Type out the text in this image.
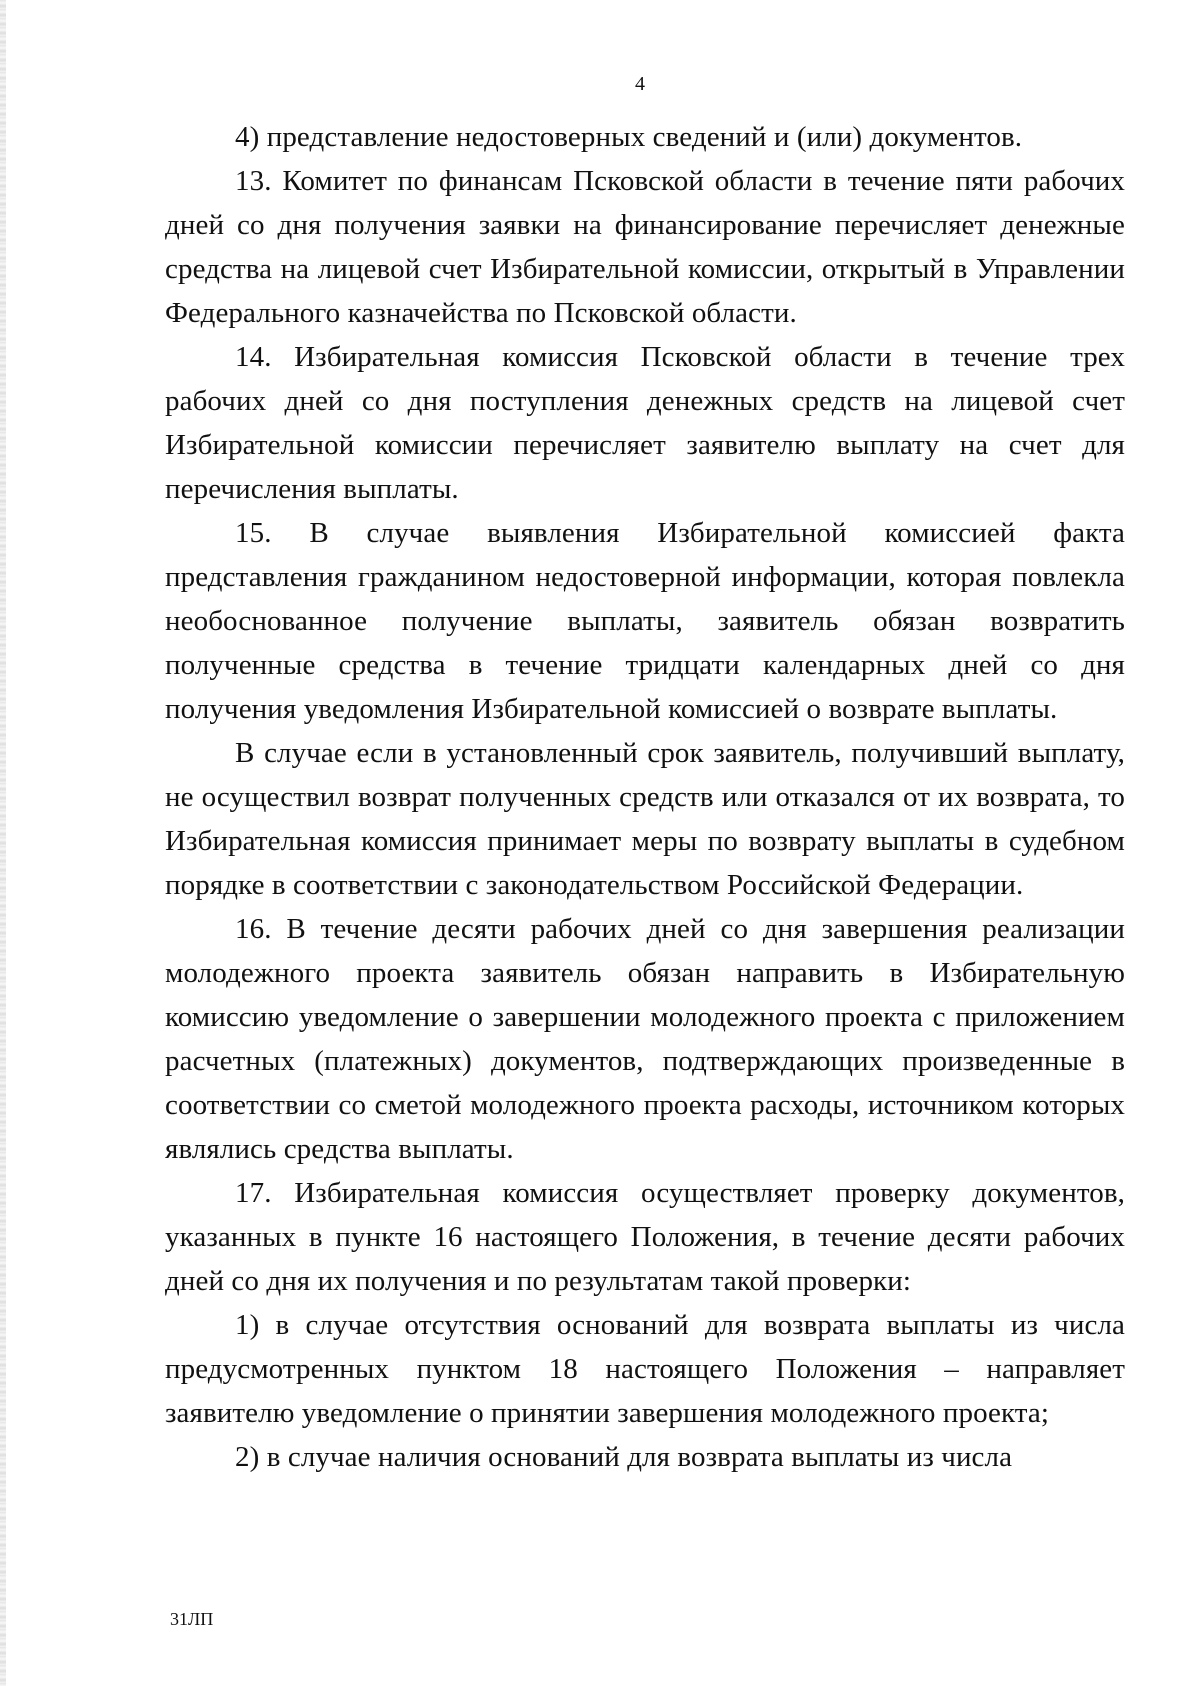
4

4) представление недостоверных сведений и (или) документов.

13. Комитет по финансам Псковской области в течение пяти рабочих дней со дня получения заявки на финансирование перечисляет денежные средства на лицевой счет Избирательной комиссии, открытый в Управлении Федерального казначейства по Псковской области.

14. Избирательная комиссия Псковской области в течение трех рабочих дней со дня поступления денежных средств на лицевой счет Избирательной комиссии перечисляет заявителю выплату на счет для перечисления выплаты.

15. В случае выявления Избирательной комиссией факта представления гражданином недостоверной информации, которая повлекла необоснованное получение выплаты, заявитель обязан возвратить полученные средства в течение тридцати календарных дней со дня получения уведомления Избирательной комиссией о возврате выплаты.

В случае если в установленный срок заявитель, получивший выплату, не осуществил возврат полученных средств или отказался от их возврата, то Избирательная комиссия принимает меры по возврату выплаты в судебном порядке в соответствии с законодательством Российской Федерации.

16. В течение десяти рабочих дней со дня завершения реализации молодежного проекта заявитель обязан направить в Избирательную комиссию уведомление о завершении молодежного проекта с приложением расчетных (платежных) документов, подтверждающих произведенные в соответствии со сметой молодежного проекта расходы, источником которых являлись средства выплаты.

17. Избирательная комиссия осуществляет проверку документов, указанных в пункте 16 настоящего Положения, в течение десяти рабочих дней со дня их получения и по результатам такой проверки:

1) в случае отсутствия оснований для возврата выплаты из числа предусмотренных пунктом 18 настоящего Положения – направляет заявителю уведомление о принятии завершения молодежного проекта;

2) в случае наличия оснований для возврата выплаты из числа

31ЛП
